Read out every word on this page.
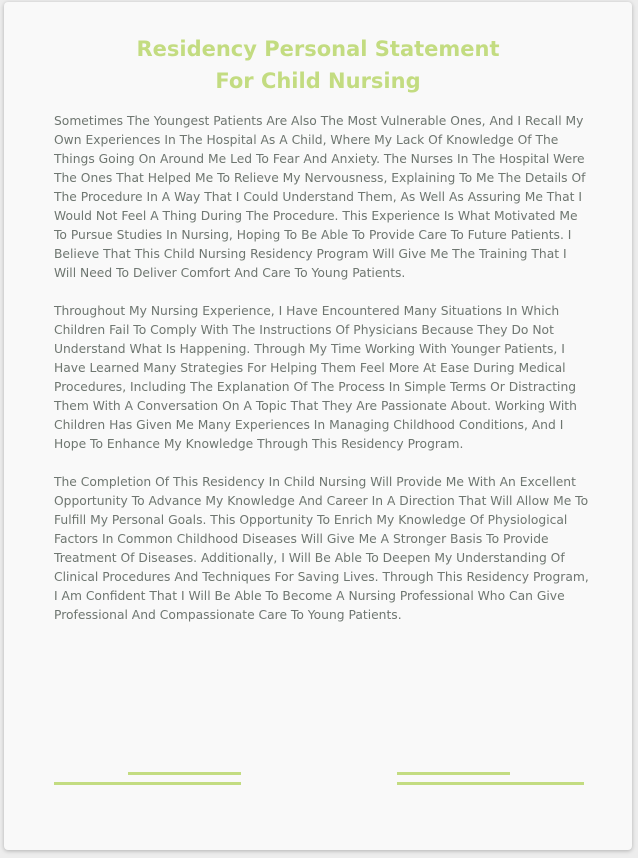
Residency Personal Statement
For Child Nursing

Sometimes The Youngest Patients Are Also The Most Vulnerable Ones, And I Recall My Own Experiences In The Hospital As A Child, Where My Lack Of Knowledge Of The Things Going On Around Me Led To Fear And Anxiety. The Nurses In The Hospital Were The Ones That Helped Me To Relieve My Nervousness, Explaining To Me The Details Of The Procedure In A Way That I Could Understand Them, As Well As Assuring Me That I Would Not Feel A Thing During The Procedure. This Experience Is What Motivated Me To Pursue Studies In Nursing, Hoping To Be Able To Provide Care To Future Patients. I Believe That This Child Nursing Residency Program Will Give Me The Training That I Will Need To Deliver Comfort And Care To Young Patients.

Throughout My Nursing Experience, I Have Encountered Many Situations In Which Children Fail To Comply With The Instructions Of Physicians Because They Do Not Understand What Is Happening. Through My Time Working With Younger Patients, I Have Learned Many Strategies For Helping Them Feel More At Ease During Medical Procedures, Including The Explanation Of The Process In Simple Terms Or Distracting Them With A Conversation On A Topic That They Are Passionate About. Working With Children Has Given Me Many Experiences In Managing Childhood Conditions, And I Hope To Enhance My Knowledge Through This Residency Program.

The Completion Of This Residency In Child Nursing Will Provide Me With An Excellent Opportunity To Advance My Knowledge And Career In A Direction That Will Allow Me To Fulfill My Personal Goals. This Opportunity To Enrich My Knowledge Of Physiological Factors In Common Childhood Diseases Will Give Me A Stronger Basis To Provide Treatment Of Diseases. Additionally, I Will Be Able To Deepen My Understanding Of Clinical Procedures And Techniques For Saving Lives. Through This Residency Program, I Am Confident That I Will Be Able To Become A Nursing Professional Who Can Give Professional And Compassionate Care To Young Patients.
